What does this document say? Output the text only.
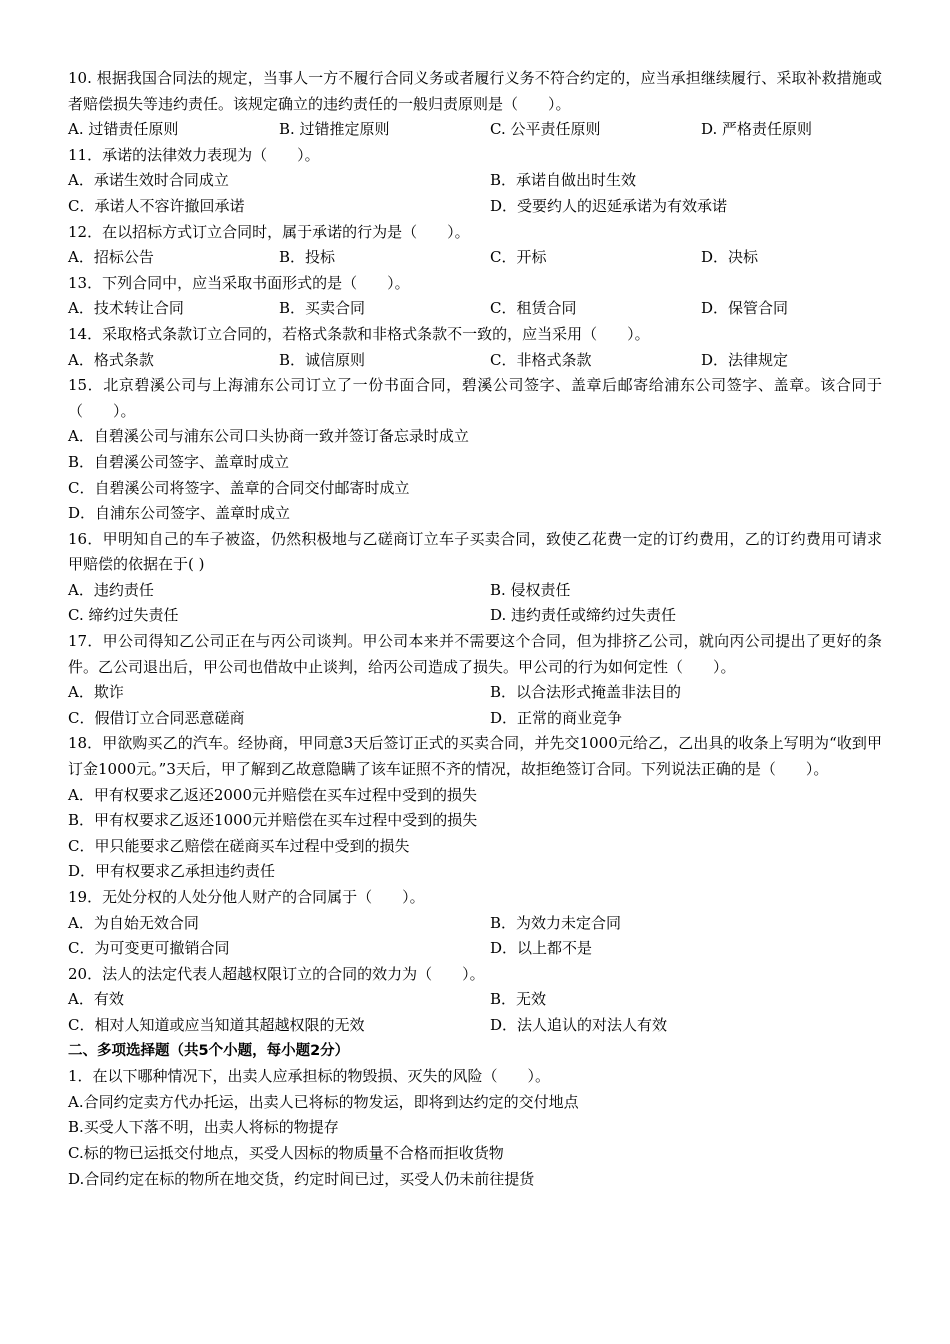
10. 根据我国合同法的规定，当事人一方不履行合同义务或者履行义务不符合约定的，应当承担继续履行、采取补救措施或者赔偿损失等违约责任。该规定确立的违约责任的一般归责原则是（　　）。
A. 过错责任原则	B. 过错推定原则	C. 公平责任原则	D. 严格责任原则
11．承诺的法律效力表现为（　　）。
A．承诺生效时合同成立	B．承诺自做出时生效
C．承诺人不容许撤回承诺	D．受要约人的迟延承诺为有效承诺
12．在以招标方式订立合同时，属于承诺的行为是（　　）。
A．招标公告	B．投标	C．开标	D．决标
13．下列合同中，应当采取书面形式的是（　　）。
A．技术转让合同	B．买卖合同	C．租赁合同	D．保管合同
14．采取格式条款订立合同的，若格式条款和非格式条款不一致的，应当采用（　　）。
A．格式条款	B．诚信原则	C．非格式条款	D．法律规定
15．北京碧溪公司与上海浦东公司订立了一份书面合同，碧溪公司签字、盖章后邮寄给浦东公司签字、盖章。该合同于（　　）。
A．自碧溪公司与浦东公司口头协商一致并签订备忘录时成立
B．自碧溪公司签字、盖章时成立
C．自碧溪公司将签字、盖章的合同交付邮寄时成立
D．自浦东公司签字、盖章时成立
16．甲明知自己的车子被盗，仍然积极地与乙磋商订立车子买卖合同，致使乙花费一定的订约费用，乙的订约费用可请求甲赔偿的依据在于( )
A．违约责任	B. 侵权责任
C. 缔约过失责任	D. 违约责任或缔约过失责任
17．甲公司得知乙公司正在与丙公司谈判。甲公司本来并不需要这个合同，但为排挤乙公司，就向丙公司提出了更好的条件。乙公司退出后，甲公司也借故中止谈判，给丙公司造成了损失。甲公司的行为如何定性（　　）。
A．欺诈	B．以合法形式掩盖非法目的
C．假借订立合同恶意磋商	D．正常的商业竞争
18．甲欲购买乙的汽车。经协商，甲同意3天后签订正式的买卖合同，并先交1000元给乙，乙出具的收条上写明为“收到甲订金1000元。”3天后，甲了解到乙故意隐瞒了该车证照不齐的情况，故拒绝签订合同。下列说法正确的是（　　）。
A．甲有权要求乙返还2000元并赔偿在买车过程中受到的损失
B．甲有权要求乙返还1000元并赔偿在买车过程中受到的损失
C．甲只能要求乙赔偿在磋商买车过程中受到的损失
D．甲有权要求乙承担违约责任
19．无处分权的人处分他人财产的合同属于（　　）。
A．为自始无效合同	B．为效力未定合同
C．为可变更可撤销合同	D．以上都不是
20．法人的法定代表人超越权限订立的合同的效力为（　　）。
A．有效	B．无效
C．相对人知道或应当知道其超越权限的无效	D．法人追认的对法人有效
二、多项选择题（共5个小题，每小题2分）
1．在以下哪种情况下，出卖人应承担标的物毁损、灭失的风险（　　）。
A.合同约定卖方代办托运，出卖人已将标的物发运，即将到达约定的交付地点
B.买受人下落不明，出卖人将标的物提存
C.标的物已运抵交付地点，买受人因标的物质量不合格而拒收货物
D.合同约定在标的物所在地交货，约定时间已过，买受人仍未前往提货
